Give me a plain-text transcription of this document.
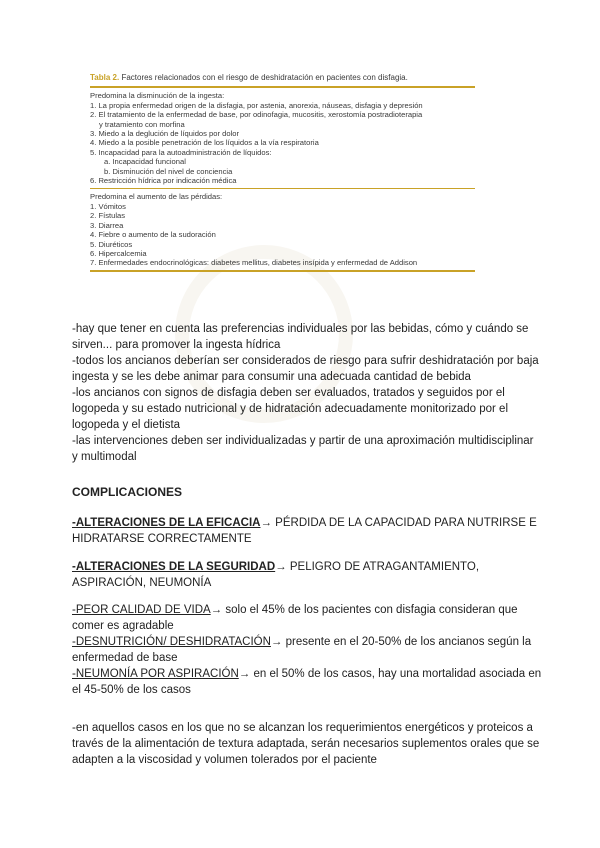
Tabla 2. Factores relacionados con el riesgo de deshidratación en pacientes con disfagia.
Predomina la disminución de la ingesta:
1. La propia enfermedad origen de la disfagia, por astenia, anorexia, náuseas, disfagia y depresión
2. El tratamiento de la enfermedad de base, por odinofagia, mucositis, xerostomía postradioterapia
y tratamiento con morfina
3. Miedo a la deglución de líquidos por dolor
4. Miedo a la posible penetración de los líquidos a la vía respiratoria
5. Incapacidad para la autoadministración de líquidos:
a. Incapacidad funcional
b. Disminución del nivel de conciencia
6. Restricción hídrica por indicación médica
Predomina el aumento de las pérdidas:
1. Vómitos
2. Fístulas
3. Diarrea
4. Fiebre o aumento de la sudoración
5. Diuréticos
6. Hipercalcemia
7. Enfermedades endocrinológicas: diabetes mellitus, diabetes insípida y enfermedad de Addison

-hay que tener en cuenta las preferencias individuales por las bebidas, cómo y cuándo se sirven... para promover la ingesta hídrica

-todos los ancianos deberían ser considerados de riesgo para sufrir deshidratación por baja ingesta y se les debe animar para consumir una adecuada cantidad de bebida

-los ancianos con signos de disfagia deben ser evaluados, tratados y seguidos por el logopeda y su estado nutricional y de hidratación adecuadamente monitorizado por el logopeda y el dietista

-las intervenciones deben ser individualizadas y partir de una aproximación multidisciplinar y multimodal

COMPLICACIONES
-ALTERACIONES DE LA EFICACIA→ PÉRDIDA DE LA CAPACIDAD PARA NUTRIRSE E HIDRATARSE CORRECTAMENTE
-ALTERACIONES DE LA SEGURIDAD→ PELIGRO DE ATRAGANTAMIENTO, ASPIRACIÓN, NEUMONÍA

-PEOR CALIDAD DE VIDA→ solo el 45% de los pacientes con disfagia consideran que comer es agradable

-DESNUTRICIÓN/ DESHIDRATACIÓN→ presente en el 20-50% de los ancianos según la enfermedad de base

-NEUMONÍA POR ASPIRACIÓN→ en el 50% de los casos, hay una mortalidad asociada en el 45-50% de los casos

-en aquellos casos en los que no se alcanzan los requerimientos energéticos y proteicos a través de la alimentación de textura adaptada, serán necesarios suplementos orales que se adapten a la viscosidad y volumen tolerados por el paciente
